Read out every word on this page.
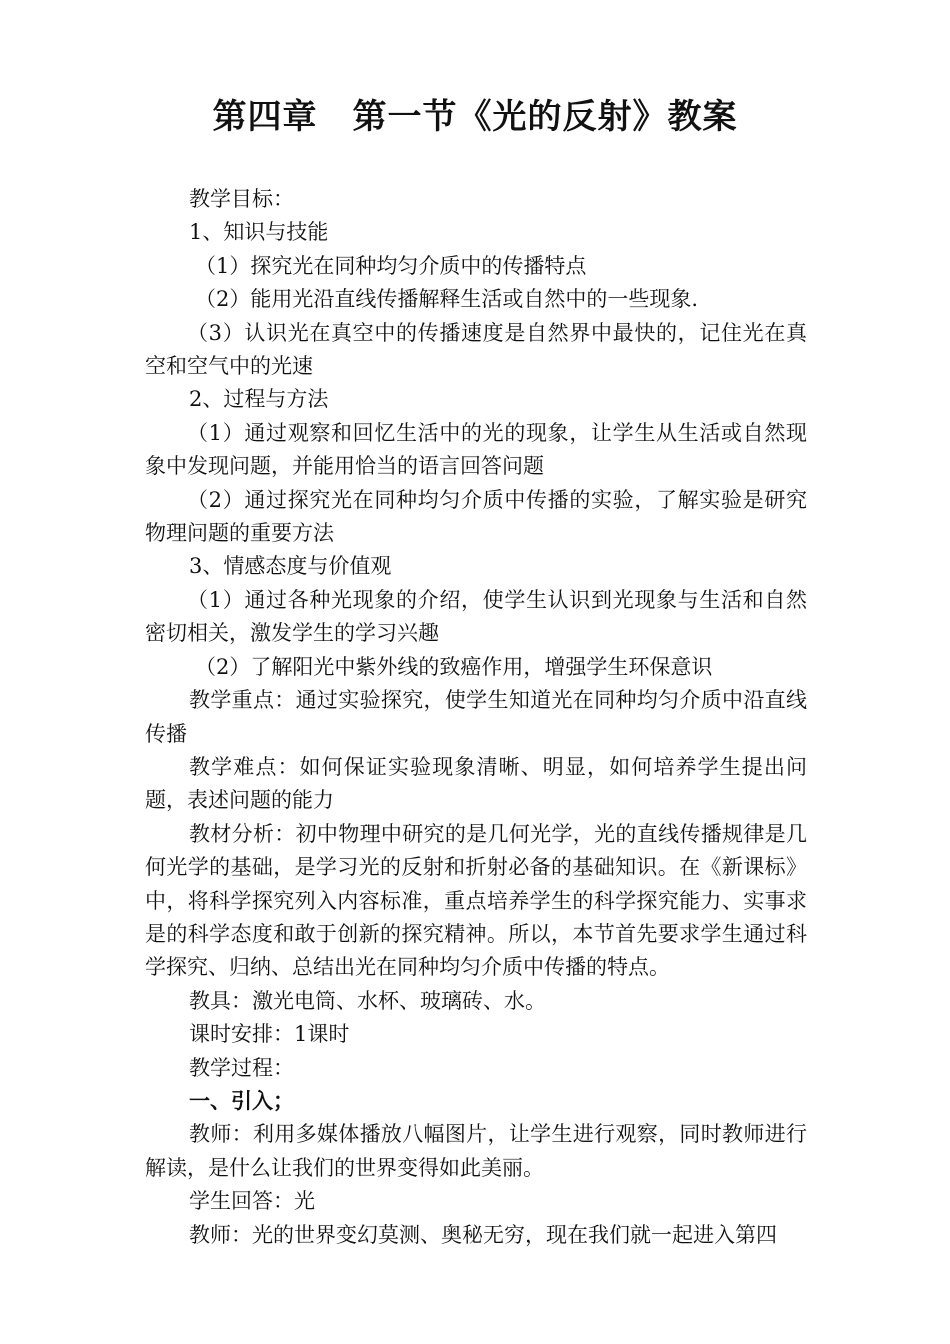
第四章　第一节《光的反射》教案

教学目标：

1、知识与技能

（1）探究光在同种均匀介质中的传播特点

（2）能用光沿直线传播解释生活或自然中的一些现象.

（3）认识光在真空中的传播速度是自然界中最快的，记住光在真空和空气中的光速

2、过程与方法

（1）通过观察和回忆生活中的光的现象，让学生从生活或自然现象中发现问题，并能用恰当的语言回答问题

（2）通过探究光在同种均匀介质中传播的实验，了解实验是研究物理问题的重要方法

3、情感态度与价值观

（1）通过各种光现象的介绍，使学生认识到光现象与生活和自然密切相关，激发学生的学习兴趣

（2）了解阳光中紫外线的致癌作用，增强学生环保意识

教学重点：通过实验探究，使学生知道光在同种均匀介质中沿直线传播

教学难点：如何保证实验现象清晰、明显，如何培养学生提出问题，表述问题的能力

教材分析：初中物理中研究的是几何光学，光的直线传播规律是几何光学的基础，是学习光的反射和折射必备的基础知识。在《新课标》中，将科学探究列入内容标准，重点培养学生的科学探究能力、实事求是的科学态度和敢于创新的探究精神。所以，本节首先要求学生通过科学探究、归纳、总结出光在同种均匀介质中传播的特点。

教具：激光电筒、水杯、玻璃砖、水。

课时安排：1课时

教学过程：

一、引入；

教师：利用多媒体播放八幅图片，让学生进行观察，同时教师进行解读，是什么让我们的世界变得如此美丽。

学生回答：光

教师：光的世界变幻莫测、奥秘无穷，现在我们就一起进入第四
